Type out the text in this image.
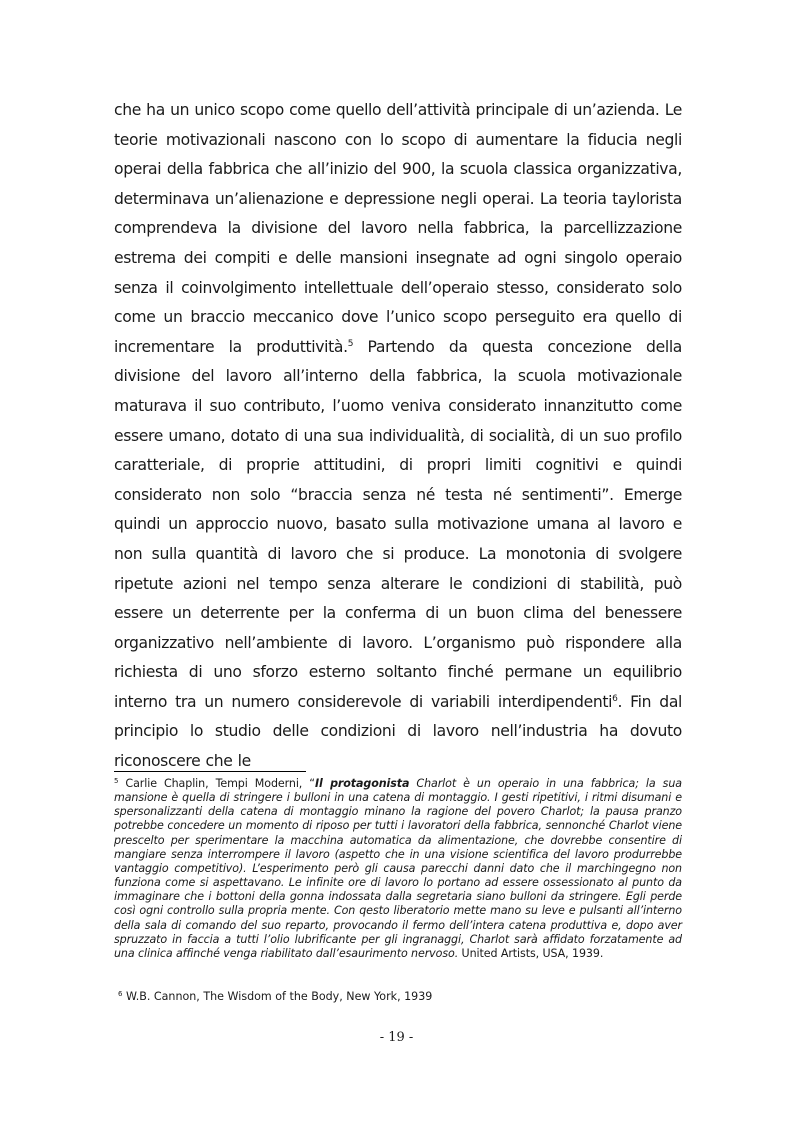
che ha un unico scopo come quello dell’attività principale di un’azienda. Le teorie motivazionali nascono con lo scopo di aumentare la fiducia negli operai della fabbrica che all’inizio del 900, la scuola classica organizzativa, determinava un’alienazione e depressione negli operai. La teoria taylorista comprendeva la divisione del lavoro nella fabbrica, la parcellizzazione estrema dei compiti e delle mansioni insegnate ad ogni singolo operaio senza il coinvolgimento intellettuale dell’operaio stesso, considerato solo come un braccio meccanico dove l’unico scopo perseguito era quello di incrementare la produttività.$^5$ Partendo da questa concezione della divisione del lavoro all’interno della fabbrica, la scuola motivazionale maturava il suo contributo, l’uomo veniva considerato innanzitutto come essere umano, dotato di una sua individualità, di socialità, di un suo profilo caratteriale, di proprie attitudini, di propri limiti cognitivi e quindi considerato non solo “braccia senza né testa né sentimenti”. Emerge quindi un approccio nuovo, basato sulla motivazione umana al lavoro e non sulla quantità di lavoro che si produce. La monotonia di svolgere ripetute azioni nel tempo senza alterare le condizioni di stabilità, può essere un deterrente per la conferma di un buon clima del benessere organizzativo nell’ambiente di lavoro. L’organismo può rispondere alla richiesta di uno sforzo esterno soltanto finché permane un equilibrio interno tra un numero considerevole di variabili interdipendenti$^6$. Fin dal principio lo studio delle condizioni di lavoro nell’industria ha dovuto riconoscere che le

$^5$ Carlie Chaplin, Tempi Moderni, “Il protagonista Charlot è un operaio in una fabbrica; la sua mansione è quella di stringere i bulloni in una catena di montaggio. I gesti ripetitivi, i ritmi disumani e spersonalizzanti della catena di montaggio minano la ragione del povero Charlot; la pausa pranzo potrebbe concedere un momento di riposo per tutti i lavoratori della fabbrica, sennonché Charlot viene prescelto per sperimentare la macchina automatica da alimentazione, che dovrebbe consentire di mangiare senza interrompere il lavoro (aspetto che in una visione scientifica del lavoro produrrebbe vantaggio competitivo). L’esperimento però gli causa parecchi danni dato che il marchingegno non funziona come si aspettavano. Le infinite ore di lavoro lo portano ad essere ossessionato al punto da immaginare che i bottoni della gonna indossata dalla segretaria siano bulloni da stringere. Egli perde così ogni controllo sulla propria mente. Con qesto liberatorio mette mano su leve e pulsanti all’interno della sala di comando del suo reparto, provocando il fermo dell’intera catena produttiva e, dopo aver spruzzato in faccia a tutti l’olio lubrificante per gli ingranaggi, Charlot sarà affidato forzatamente ad una clinica affinché venga riabilitato dall’esaurimento nervoso. United Artists, USA, 1939.

$^6$ W.B. Cannon, The Wisdom of the Body, New York, 1939

- 19 -
